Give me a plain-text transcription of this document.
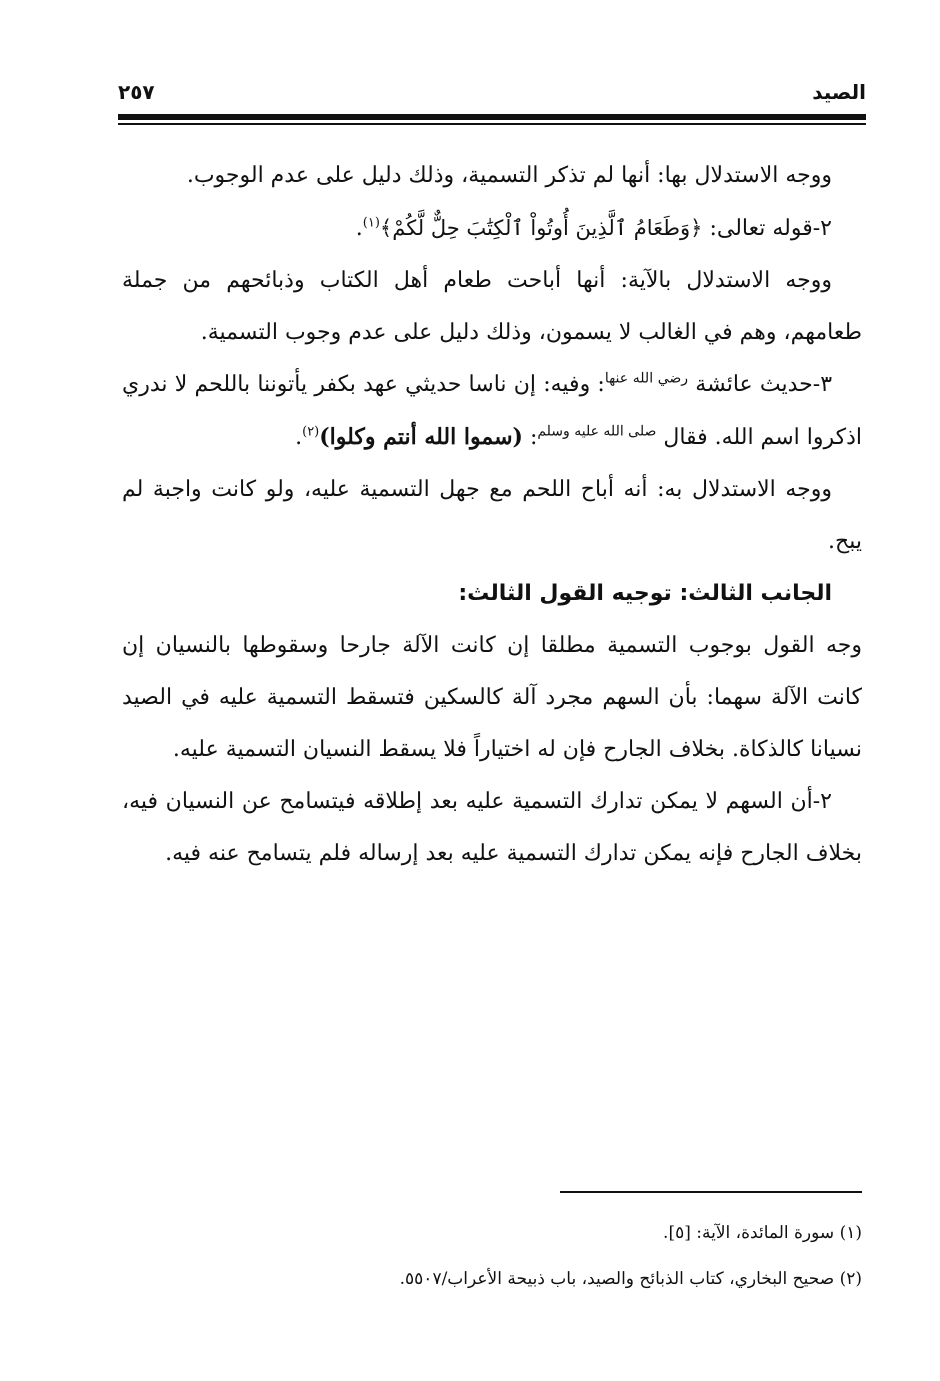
الصيد
٢٥٧

ووجه الاستدلال بها: أنها لم تذكر التسمية، وذلك دليل على عدم الوجوب.

٢-قوله تعالى: ﴿وَطَعَامُ ٱلَّذِينَ أُوتُواْ ٱلْكِتَٰبَ حِلٌّ لَّكُمْ﴾$^{(١)}$.

ووجه الاستدلال بالآية: أنها أباحت طعام أهل الكتاب وذبائحهم من جملة طعامهم، وهم في الغالب لا يسمون، وذلك دليل على عدم وجوب التسمية.

٣-حديث عائشة $^{رضي الله عنها}$: وفيه: إن ناسا حديثي عهد بكفر يأتوننا باللحم لا ندري اذكروا اسم الله. فقال $^{صلى الله عليه وسلم}$: (سموا الله أنتم وكلوا)$^{(٢)}$.

ووجه الاستدلال به: أنه أباح اللحم مع جهل التسمية عليه، ولو كانت واجبة لم يبح.

الجانب الثالث: توجيه القول الثالث:

وجه القول بوجوب التسمية مطلقا إن كانت الآلة جارحا وسقوطها بالنسيان إن كانت الآلة سهما: بأن السهم مجرد آلة كالسكين فتسقط التسمية عليه في الصيد نسيانا كالذكاة. بخلاف الجارح فإن له اختياراً فلا يسقط النسيان التسمية عليه.

٢-أن السهم لا يمكن تدارك التسمية عليه بعد إطلاقه فيتسامح عن النسيان فيه، بخلاف الجارح فإنه يمكن تدارك التسمية عليه بعد إرساله فلم يتسامح عنه فيه.

(١) سورة المائدة، الآية: [٥].

(٢) صحيح البخاري، كتاب الذبائح والصيد، باب ذبيحة الأعراب/٥٥٠٧.
